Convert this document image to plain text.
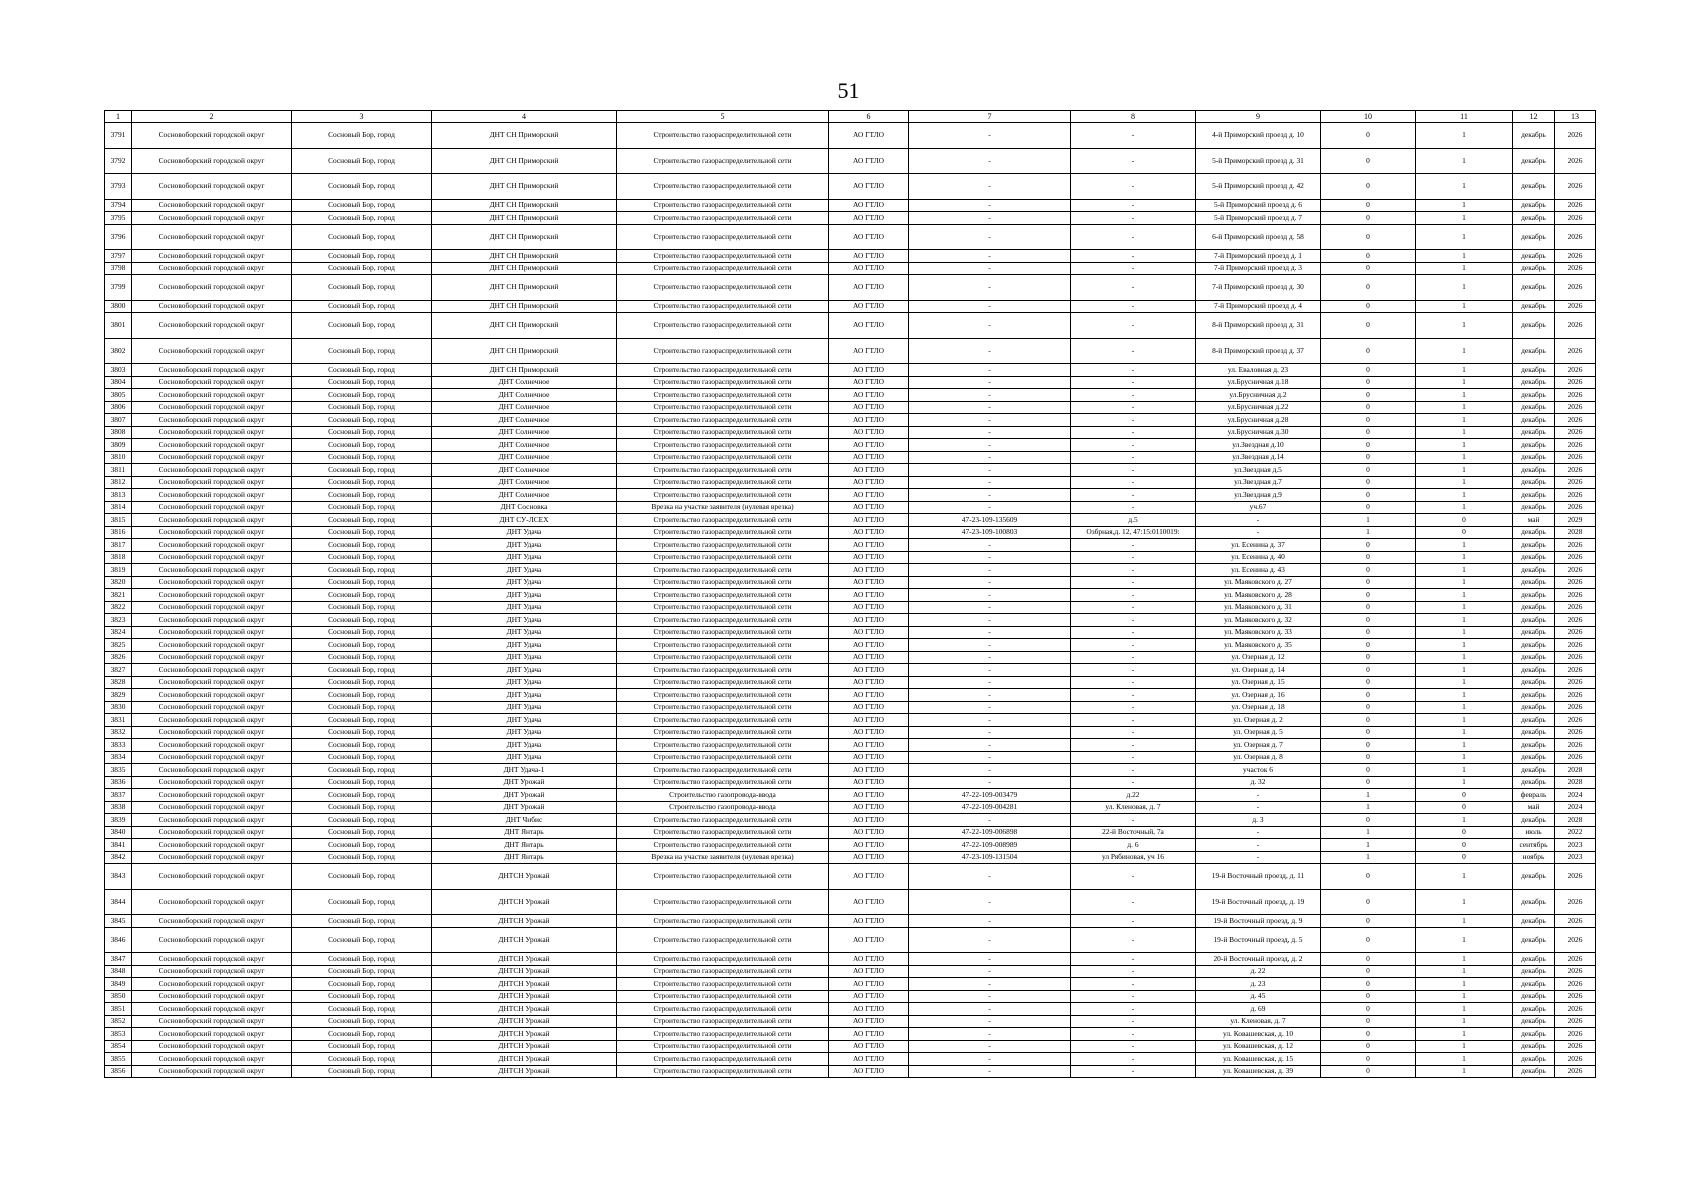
51
1	2	3	4	5	6	7	8	9	10	11	12	13
3791	Сосновоборский городской округ	Сосновый Бор, город	ДНТ СН Приморский	Строительство газораспределительной сети	АО ГТЛО	-	-	4-й Приморский проезд д. 10	0	1	декабрь	2026
3792	Сосновоборский городской округ	Сосновый Бор, город	ДНТ СН Приморский	Строительство газораспределительной сети	АО ГТЛО	-	-	5-й Приморский проезд д. 31	0	1	декабрь	2026
3793	Сосновоборский городской округ	Сосновый Бор, город	ДНТ СН Приморский	Строительство газораспределительной сети	АО ГТЛО	-	-	5-й Приморский проезд д. 42	0	1	декабрь	2026
3794	Сосновоборский городской округ	Сосновый Бор, город	ДНТ СН Приморский	Строительство газораспределительной сети	АО ГТЛО	-	-	5-й Приморский проезд д. 6	0	1	декабрь	2026
3795	Сосновоборский городской округ	Сосновый Бор, город	ДНТ СН Приморский	Строительство газораспределительной сети	АО ГТЛО	-	-	5-й Приморский проезд д. 7	0	1	декабрь	2026
3796	Сосновоборский городской округ	Сосновый Бор, город	ДНТ СН Приморский	Строительство газораспределительной сети	АО ГТЛО	-	-	6-й Приморский проезд д. 58	0	1	декабрь	2026
3797	Сосновоборский городской округ	Сосновый Бор, город	ДНТ СН Приморский	Строительство газораспределительной сети	АО ГТЛО	-	-	7-й Приморский проезд д. 1	0	1	декабрь	2026
3798	Сосновоборский городской округ	Сосновый Бор, город	ДНТ СН Приморский	Строительство газораспределительной сети	АО ГТЛО	-	-	7-й Приморский проезд д. 3	0	1	декабрь	2026
3799	Сосновоборский городской округ	Сосновый Бор, город	ДНТ СН Приморский	Строительство газораспределительной сети	АО ГТЛО	-	-	7-й Приморский проезд д. 30	0	1	декабрь	2026
3800	Сосновоборский городской округ	Сосновый Бор, город	ДНТ СН Приморский	Строительство газораспределительной сети	АО ГТЛО	-	-	7-й Приморский проезд д. 4	0	1	декабрь	2026
3801	Сосновоборский городской округ	Сосновый Бор, город	ДНТ СН Приморский	Строительство газораспределительной сети	АО ГТЛО	-	-	8-й Приморский проезд д. 31	0	1	декабрь	2026
3802	Сосновоборский городской округ	Сосновый Бор, город	ДНТ СН Приморский	Строительство газораспределительной сети	АО ГТЛО	-	-	8-й Приморский проезд д. 37	0	1	декабрь	2026
3803	Сосновоборский городской округ	Сосновый Бор, город	ДНТ СН Приморский	Строительство газораспределительной сети	АО ГТЛО	-	-	ул. Еваловная д. 23	0	1	декабрь	2026
3804	Сосновоборский городской округ	Сосновый Бор, город	ДНТ Солнечное	Строительство газораспределительной сети	АО ГТЛО	-	-	ул.Брусничная д.18	0	1	декабрь	2026
3805	Сосновоборский городской округ	Сосновый Бор, город	ДНТ Солнечное	Строительство газораспределительной сети	АО ГТЛО	-	-	ул.Брусничная д.2	0	1	декабрь	2026
3806	Сосновоборский городской округ	Сосновый Бор, город	ДНТ Солнечное	Строительство газораспределительной сети	АО ГТЛО	-	-	ул.Брусничная д.22	0	1	декабрь	2026
3807	Сосновоборский городской округ	Сосновый Бор, город	ДНТ Солнечное	Строительство газораспределительной сети	АО ГТЛО	-	-	ул.Брусничная д.28	0	1	декабрь	2026
3808	Сосновоборский городской округ	Сосновый Бор, город	ДНТ Солнечное	Строительство газораспределительной сети	АО ГТЛО	-	-	ул.Брусничная д.30	0	1	декабрь	2026
3809	Сосновоборский городской округ	Сосновый Бор, город	ДНТ Солнечное	Строительство газораспределительной сети	АО ГТЛО	-	-	ул.Звездная д.10	0	1	декабрь	2026
3810	Сосновоборский городской округ	Сосновый Бор, город	ДНТ Солнечное	Строительство газораспределительной сети	АО ГТЛО	-	-	ул.Звездная д.14	0	1	декабрь	2026
3811	Сосновоборский городской округ	Сосновый Бор, город	ДНТ Солнечное	Строительство газораспределительной сети	АО ГТЛО	-	-	ул.Звездная д.5	0	1	декабрь	2026
3812	Сосновоборский городской округ	Сосновый Бор, город	ДНТ Солнечное	Строительство газораспределительной сети	АО ГТЛО	-	-	ул.Звездная д.7	0	1	декабрь	2026
3813	Сосновоборский городской округ	Сосновый Бор, город	ДНТ Солнечное	Строительство газораспределительной сети	АО ГТЛО	-	-	ул.Звездная д.9	0	1	декабрь	2026
3814	Сосновоборский городской округ	Сосновый Бор, город	ДНТ Сосновка	Врезка на участке заявителя (нулевая врезка)	АО ГТЛО	-	-	уч.67	0	1	декабрь	2026
3815	Сосновоборский городской округ	Сосновый Бор, город	ДНТ СУ-ЛСЕХ	Строительство газораспределительной сети	АО ГТЛО	47-23-109-135609	д.5	-	1	0	май	2029
3816	Сосновоборский городской округ	Сосновый Бор, город	ДНТ Удача	Строительство газораспределительной сети	АО ГТЛО	47-23-109-100803	Озбрная,д. 12, 47:15:0110019:	-	1	0	декабрь	2028
3817	Сосновоборский городской округ	Сосновый Бор, город	ДНТ Удача	Строительство газораспределительной сети	АО ГТЛО	-	-	ул. Есенина д. 37	0	1	декабрь	2026
3818	Сосновоборский городской округ	Сосновый Бор, город	ДНТ Удача	Строительство газораспределительной сети	АО ГТЛО	-	-	ул. Есенина д. 40	0	1	декабрь	2026
3819	Сосновоборский городской округ	Сосновый Бор, город	ДНТ Удача	Строительство газораспределительной сети	АО ГТЛО	-	-	ул. Есенина д. 43	0	1	декабрь	2026
3820	Сосновоборский городской округ	Сосновый Бор, город	ДНТ Удача	Строительство газораспределительной сети	АО ГТЛО	-	-	ул. Маяковского д. 27	0	1	декабрь	2026
3821	Сосновоборский городской округ	Сосновый Бор, город	ДНТ Удача	Строительство газораспределительной сети	АО ГТЛО	-	-	ул. Маяковского д. 28	0	1	декабрь	2026
3822	Сосновоборский городской округ	Сосновый Бор, город	ДНТ Удача	Строительство газораспределительной сети	АО ГТЛО	-	-	ул. Маяковского д. 31	0	1	декабрь	2026
3823	Сосновоборский городской округ	Сосновый Бор, город	ДНТ Удача	Строительство газораспределительной сети	АО ГТЛО	-	-	ул. Маяковского д. 32	0	1	декабрь	2026
3824	Сосновоборский городской округ	Сосновый Бор, город	ДНТ Удача	Строительство газораспределительной сети	АО ГТЛО	-	-	ул. Маяковского д. 33	0	1	декабрь	2026
3825	Сосновоборский городской округ	Сосновый Бор, город	ДНТ Удача	Строительство газораспределительной сети	АО ГТЛО	-	-	ул. Маяковского д. 35	0	1	декабрь	2026
3826	Сосновоборский городской округ	Сосновый Бор, город	ДНТ Удача	Строительство газораспределительной сети	АО ГТЛО	-	-	ул. Озерная д. 12	0	1	декабрь	2026
3827	Сосновоборский городской округ	Сосновый Бор, город	ДНТ Удача	Строительство газораспределительной сети	АО ГТЛО	-	-	ул. Озерная д. 14	0	1	декабрь	2026
3828	Сосновоборский городской округ	Сосновый Бор, город	ДНТ Удача	Строительство газораспределительной сети	АО ГТЛО	-	-	ул. Озерная д. 15	0	1	декабрь	2026
3829	Сосновоборский городской округ	Сосновый Бор, город	ДНТ Удача	Строительство газораспределительной сети	АО ГТЛО	-	-	ул. Озерная д. 16	0	1	декабрь	2026
3830	Сосновоборский городской округ	Сосновый Бор, город	ДНТ Удача	Строительство газораспределительной сети	АО ГТЛО	-	-	ул. Озерная д. 18	0	1	декабрь	2026
3831	Сосновоборский городской округ	Сосновый Бор, город	ДНТ Удача	Строительство газораспределительной сети	АО ГТЛО	-	-	ул. Озерная д. 2	0	1	декабрь	2026
3832	Сосновоборский городской округ	Сосновый Бор, город	ДНТ Удача	Строительство газораспределительной сети	АО ГТЛО	-	-	ул. Озерная д. 5	0	1	декабрь	2026
3833	Сосновоборский городской округ	Сосновый Бор, город	ДНТ Удача	Строительство газораспределительной сети	АО ГТЛО	-	-	ул. Озерная д. 7	0	1	декабрь	2026
3834	Сосновоборский городской округ	Сосновый Бор, город	ДНТ Удача	Строительство газораспределительной сети	АО ГТЛО	-	-	ул. Озерная д. 8	0	1	декабрь	2026
3835	Сосновоборский городской округ	Сосновый Бор, город	ДНТ Удача-1	Строительство газораспределительной сети	АО ГТЛО	-	-	участок 6	0	1	декабрь	2028
3836	Сосновоборский городской округ	Сосновый Бор, город	ДНТ Урожай	Строительство газораспределительной сети	АО ГТЛО	-	-	д. 32	0	1	декабрь	2028
3837	Сосновоборский городской округ	Сосновый Бор, город	ДНТ Урожай	Строительство газопровода-ввода	АО ГТЛО	47-22-109-003479	д.22	-	1	0	февраль	2024
3838	Сосновоборский городской округ	Сосновый Бор, город	ДНТ Урожай	Строительство газопровода-ввода	АО ГТЛО	47-22-109-004281	ул. Кленовая, д. 7	-	1	0	май	2024
3839	Сосновоборский городской округ	Сосновый Бор, город	ДНТ Чибис	Строительство газораспределительной сети	АО ГТЛО	-	-	д. 3	0	1	декабрь	2028
3840	Сосновоборский городской округ	Сосновый Бор, город	ДНТ Янтарь	Строительство газораспределительной сети	АО ГТЛО	47-22-109-006898	22-й Восточный, 7а	-	1	0	июль	2022
3841	Сосновоборский городской округ	Сосновый Бор, город	ДНТ Янтарь	Строительство газораспределительной сети	АО ГТЛО	47-22-109-008989	д. 6	-	1	0	сентябрь	2023
3842	Сосновоборский городской округ	Сосновый Бор, город	ДНТ Янтарь	Врезка на участке заявителя (нулевая врезка)	АО ГТЛО	47-23-109-131504	ул Рябиновая, уч 16	-	1	0	ноябрь	2023
3843	Сосновоборский городской округ	Сосновый Бор, город	ДНТСН Урожай	Строительство газораспределительной сети	АО ГТЛО	-	-	19-й Восточный проезд, д. 11	0	1	декабрь	2026
3844	Сосновоборский городской округ	Сосновый Бор, город	ДНТСН Урожай	Строительство газораспределительной сети	АО ГТЛО	-	-	19-й Восточный проезд, д. 19	0	1	декабрь	2026
3845	Сосновоборский городской округ	Сосновый Бор, город	ДНТСН Урожай	Строительство газораспределительной сети	АО ГТЛО	-	-	19-й Восточный проезд, д. 9	0	1	декабрь	2026
3846	Сосновоборский городской округ	Сосновый Бор, город	ДНТСН Урожай	Строительство газораспределительной сети	АО ГТЛО	-	-	19-й Восточный проезд, д. 5	0	1	декабрь	2026
3847	Сосновоборский городской округ	Сосновый Бор, город	ДНТСН Урожай	Строительство газораспределительной сети	АО ГТЛО	-	-	20-й Восточный проезд, д. 2	0	1	декабрь	2026
3848	Сосновоборский городской округ	Сосновый Бор, город	ДНТСН Урожай	Строительство газораспределительной сети	АО ГТЛО	-	-	д. 22	0	1	декабрь	2026
3849	Сосновоборский городской округ	Сосновый Бор, город	ДНТСН Урожай	Строительство газораспределительной сети	АО ГТЛО	-	-	д. 23	0	1	декабрь	2026
3850	Сосновоборский городской округ	Сосновый Бор, город	ДНТСН Урожай	Строительство газораспределительной сети	АО ГТЛО	-	-	д. 45	0	1	декабрь	2026
3851	Сосновоборский городской округ	Сосновый Бор, город	ДНТСН Урожай	Строительство газораспределительной сети	АО ГТЛО	-	-	д. 69	0	1	декабрь	2026
3852	Сосновоборский городской округ	Сосновый Бор, город	ДНТСН Урожай	Строительство газораспределительной сети	АО ГТЛО	-	-	ул. Кленовая, д. 7	0	1	декабрь	2026
3853	Сосновоборский городской округ	Сосновый Бор, город	ДНТСН Урожай	Строительство газораспределительной сети	АО ГТЛО	-	-	ул. Ковашевская, д. 10	0	1	декабрь	2026
3854	Сосновоборский городской округ	Сосновый Бор, город	ДНТСН Урожай	Строительство газораспределительной сети	АО ГТЛО	-	-	ул. Ковашевская, д. 12	0	1	декабрь	2026
3855	Сосновоборский городской округ	Сосновый Бор, город	ДНТСН Урожай	Строительство газораспределительной сети	АО ГТЛО	-	-	ул. Ковашевская, д. 15	0	1	декабрь	2026
3856	Сосновоборский городской округ	Сосновый Бор, город	ДНТСН Урожай	Строительство газораспределительной сети	АО ГТЛО	-	-	ул. Ковашевская, д. 39	0	1	декабрь	2026
